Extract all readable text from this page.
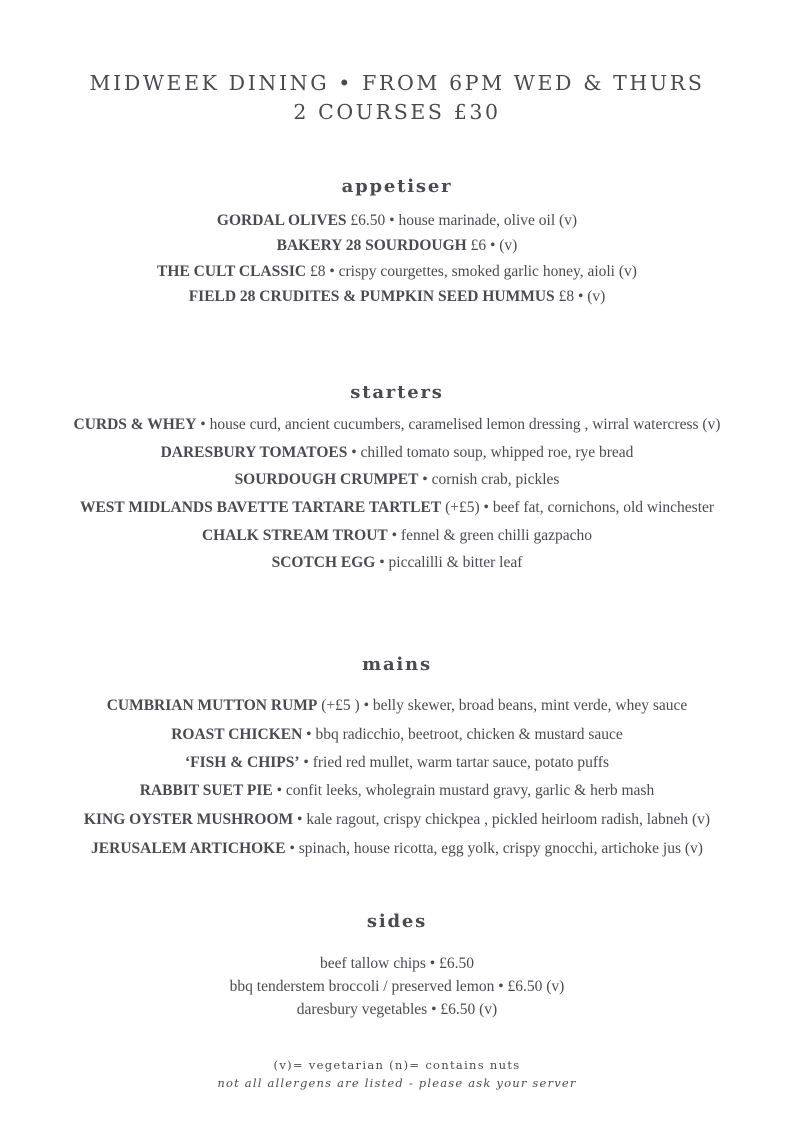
MIDWEEK DINING • FROM 6PM WED & THURS
2 COURSES £30
appetiser
GORDAL OLIVES £6.50 • house marinade, olive oil (v)
BAKERY 28 SOURDOUGH £6 • (v)
THE CULT CLASSIC £8 • crispy courgettes, smoked garlic honey, aioli (v)
FIELD 28 CRUDITES & PUMPKIN SEED HUMMUS £8 • (v)
starters
CURDS & WHEY • house curd, ancient cucumbers, caramelised lemon dressing , wirral watercress (v)
DARESBURY TOMATOES • chilled tomato soup, whipped roe, rye bread
SOURDOUGH CRUMPET • cornish crab, pickles
WEST MIDLANDS BAVETTE TARTARE TARTLET (+£5) • beef fat, cornichons, old winchester
CHALK STREAM TROUT • fennel & green chilli gazpacho
SCOTCH EGG • piccalilli & bitter leaf
mains
CUMBRIAN MUTTON RUMP (+£5 ) • belly skewer, broad beans, mint verde, whey sauce
ROAST CHICKEN • bbq radicchio, beetroot, chicken & mustard sauce
‘FISH & CHIPS’ • fried red mullet, warm tartar sauce, potato puffs
RABBIT SUET PIE • confit leeks, wholegrain mustard gravy, garlic & herb mash
KING OYSTER MUSHROOM • kale ragout, crispy chickpea , pickled heirloom radish, labneh (v)
JERUSALEM ARTICHOKE • spinach, house ricotta, egg yolk, crispy gnocchi, artichoke jus (v)
sides
beef tallow chips • £6.50
bbq tenderstem broccoli / preserved lemon • £6.50 (v)
daresbury vegetables • £6.50 (v)
(v)= vegetarian (n)= contains nuts
not all allergens are listed - please ask your server
